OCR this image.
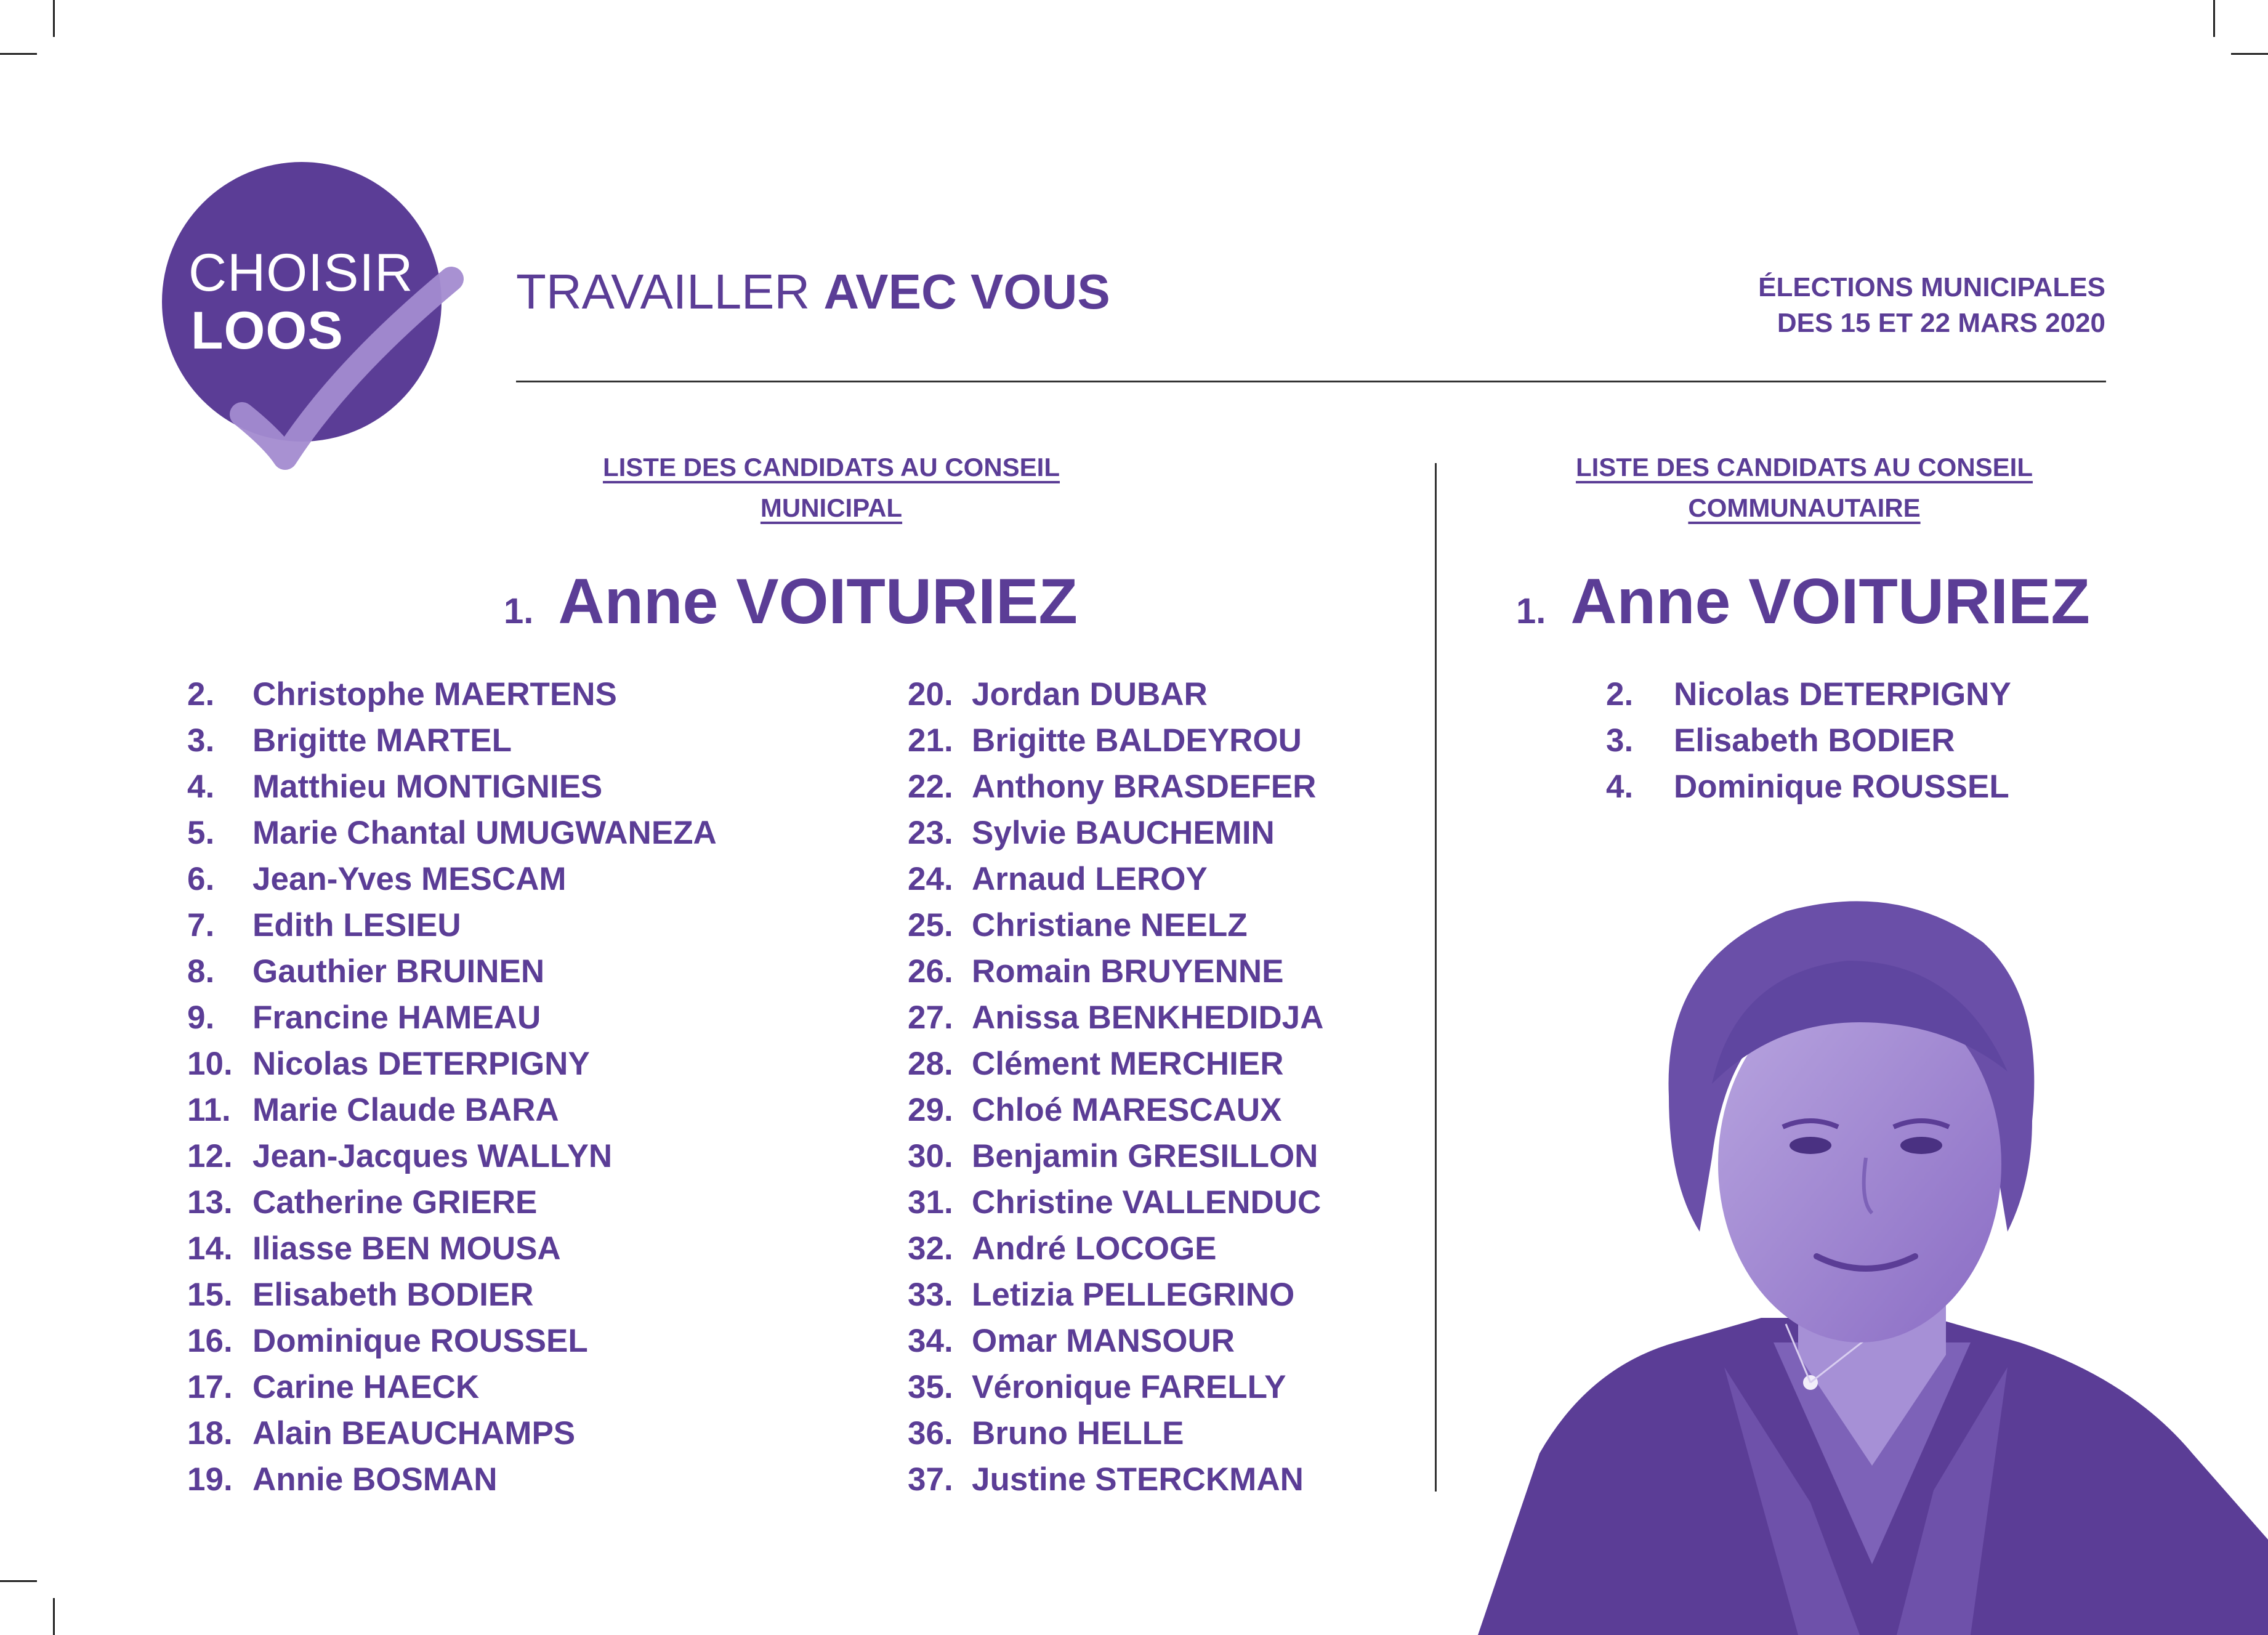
CHOISIR
LOOS
TRAVAILLER AVEC VOUS	ÉLECTIONS MUNICIPALES
DES 15 ET 22 MARS 2020
LISTE DES CANDIDATS AU CONSEIL
MUNICIPAL
1. Anne VOITURIEZ
2.	Christophe MAERTENS
3.	Brigitte MARTEL
4.	Matthieu MONTIGNIES
5.	Marie Chantal UMUGWANEZA
6.	Jean-Yves MESCAM
7.	Edith LESIEU
8.	Gauthier BRUINEN
9.	Francine HAMEAU
10. Nicolas DETERPIGNY
11. Marie Claude BARA
12. Jean-Jacques WALLYN
13. Catherine GRIERE
14. Iliasse BEN MOUSA
15. Elisabeth BODIER
16. Dominique ROUSSEL
17. Carine HAECK
18. Alain BEAUCHAMPS
19. Annie BOSMAN
20. Jordan DUBAR
21. Brigitte BALDEYROU
22. Anthony BRASDEFER
23. Sylvie BAUCHEMIN
24. Arnaud LEROY
25. Christiane NEELZ
26. Romain BRUYENNE
27. Anissa BENKHEDIDJA
28. Clément MERCHIER
29. Chloé MARESCAUX
30. Benjamin GRESILLON
31. Christine VALLENDUC
32. André LOCOGE
33. Letizia PELLEGRINO
34. Omar MANSOUR
35. Véronique FARELLY
36. Bruno HELLE
37. Justine STERCKMAN
LISTE DES CANDIDATS AU CONSEIL
COMMUNAUTAIRE
1. Anne VOITURIEZ
2.	Nicolas DETERPIGNY
3.	Elisabeth BODIER
4.	Dominique ROUSSEL
